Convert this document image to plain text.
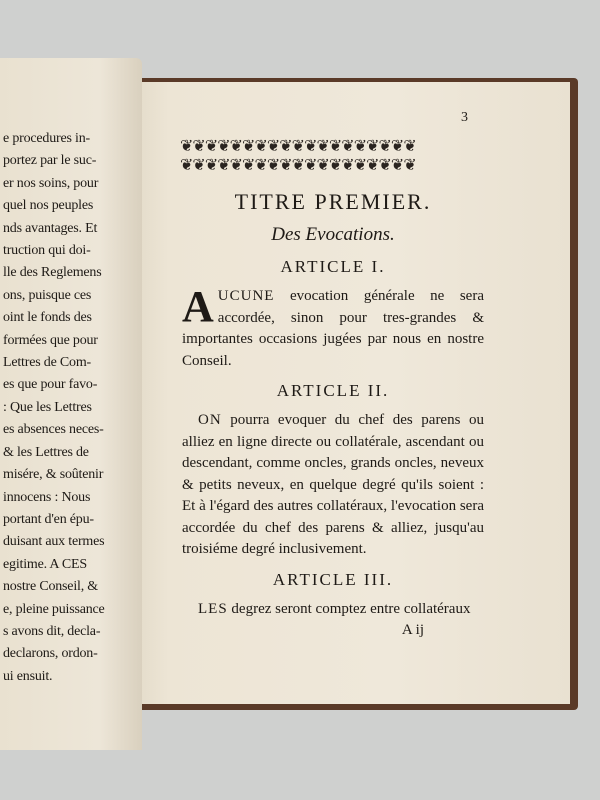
e procedures in-
portez par le suc-
er nos soins, pour
quel nos peuples
nds avantages. Et
truction qui doi-
lle des Reglemens
ons, puisque ces
oint le fonds des
formées que pour
Lettres de Com-
es que pour favo-
: Que les Lettres
es absences neces-
& les Lettres de
misére, & soûtenir
innocens : Nous
portant d'en épu-
duisant aux termes
egitime. A CES
nostre Conseil, &
e, pleine puissance
s avons dit, decla-
declarons, ordon-
ui ensuit.
3
❦❦❦❦❦❦❦❦❦❦❦❦❦❦❦❦❦❦❦
❦❦❦❦❦❦❦❦❦❦❦❦❦❦❦❦❦❦❦
TITRE PREMIER.
Des Evocations.
ARTICLE I.
AUCUNE evocation générale ne sera accordée, sinon pour tres-grandes & importantes occasions jugées par nous en nostre Conseil.
ARTICLE II.
ON pourra evoquer du chef des parens ou alliez en ligne directe ou collatérale, ascendant ou descendant, comme oncles, grands oncles, neveux & petits neveux, en quelque degré qu'ils soient : Et à l'égard des autres collatéraux, l'evocation sera accordée du chef des parens & alliez, jusqu'au troisiéme degré inclusivement.
ARTICLE III.
LES degrez seront comptez entre collatéraux
A ij
